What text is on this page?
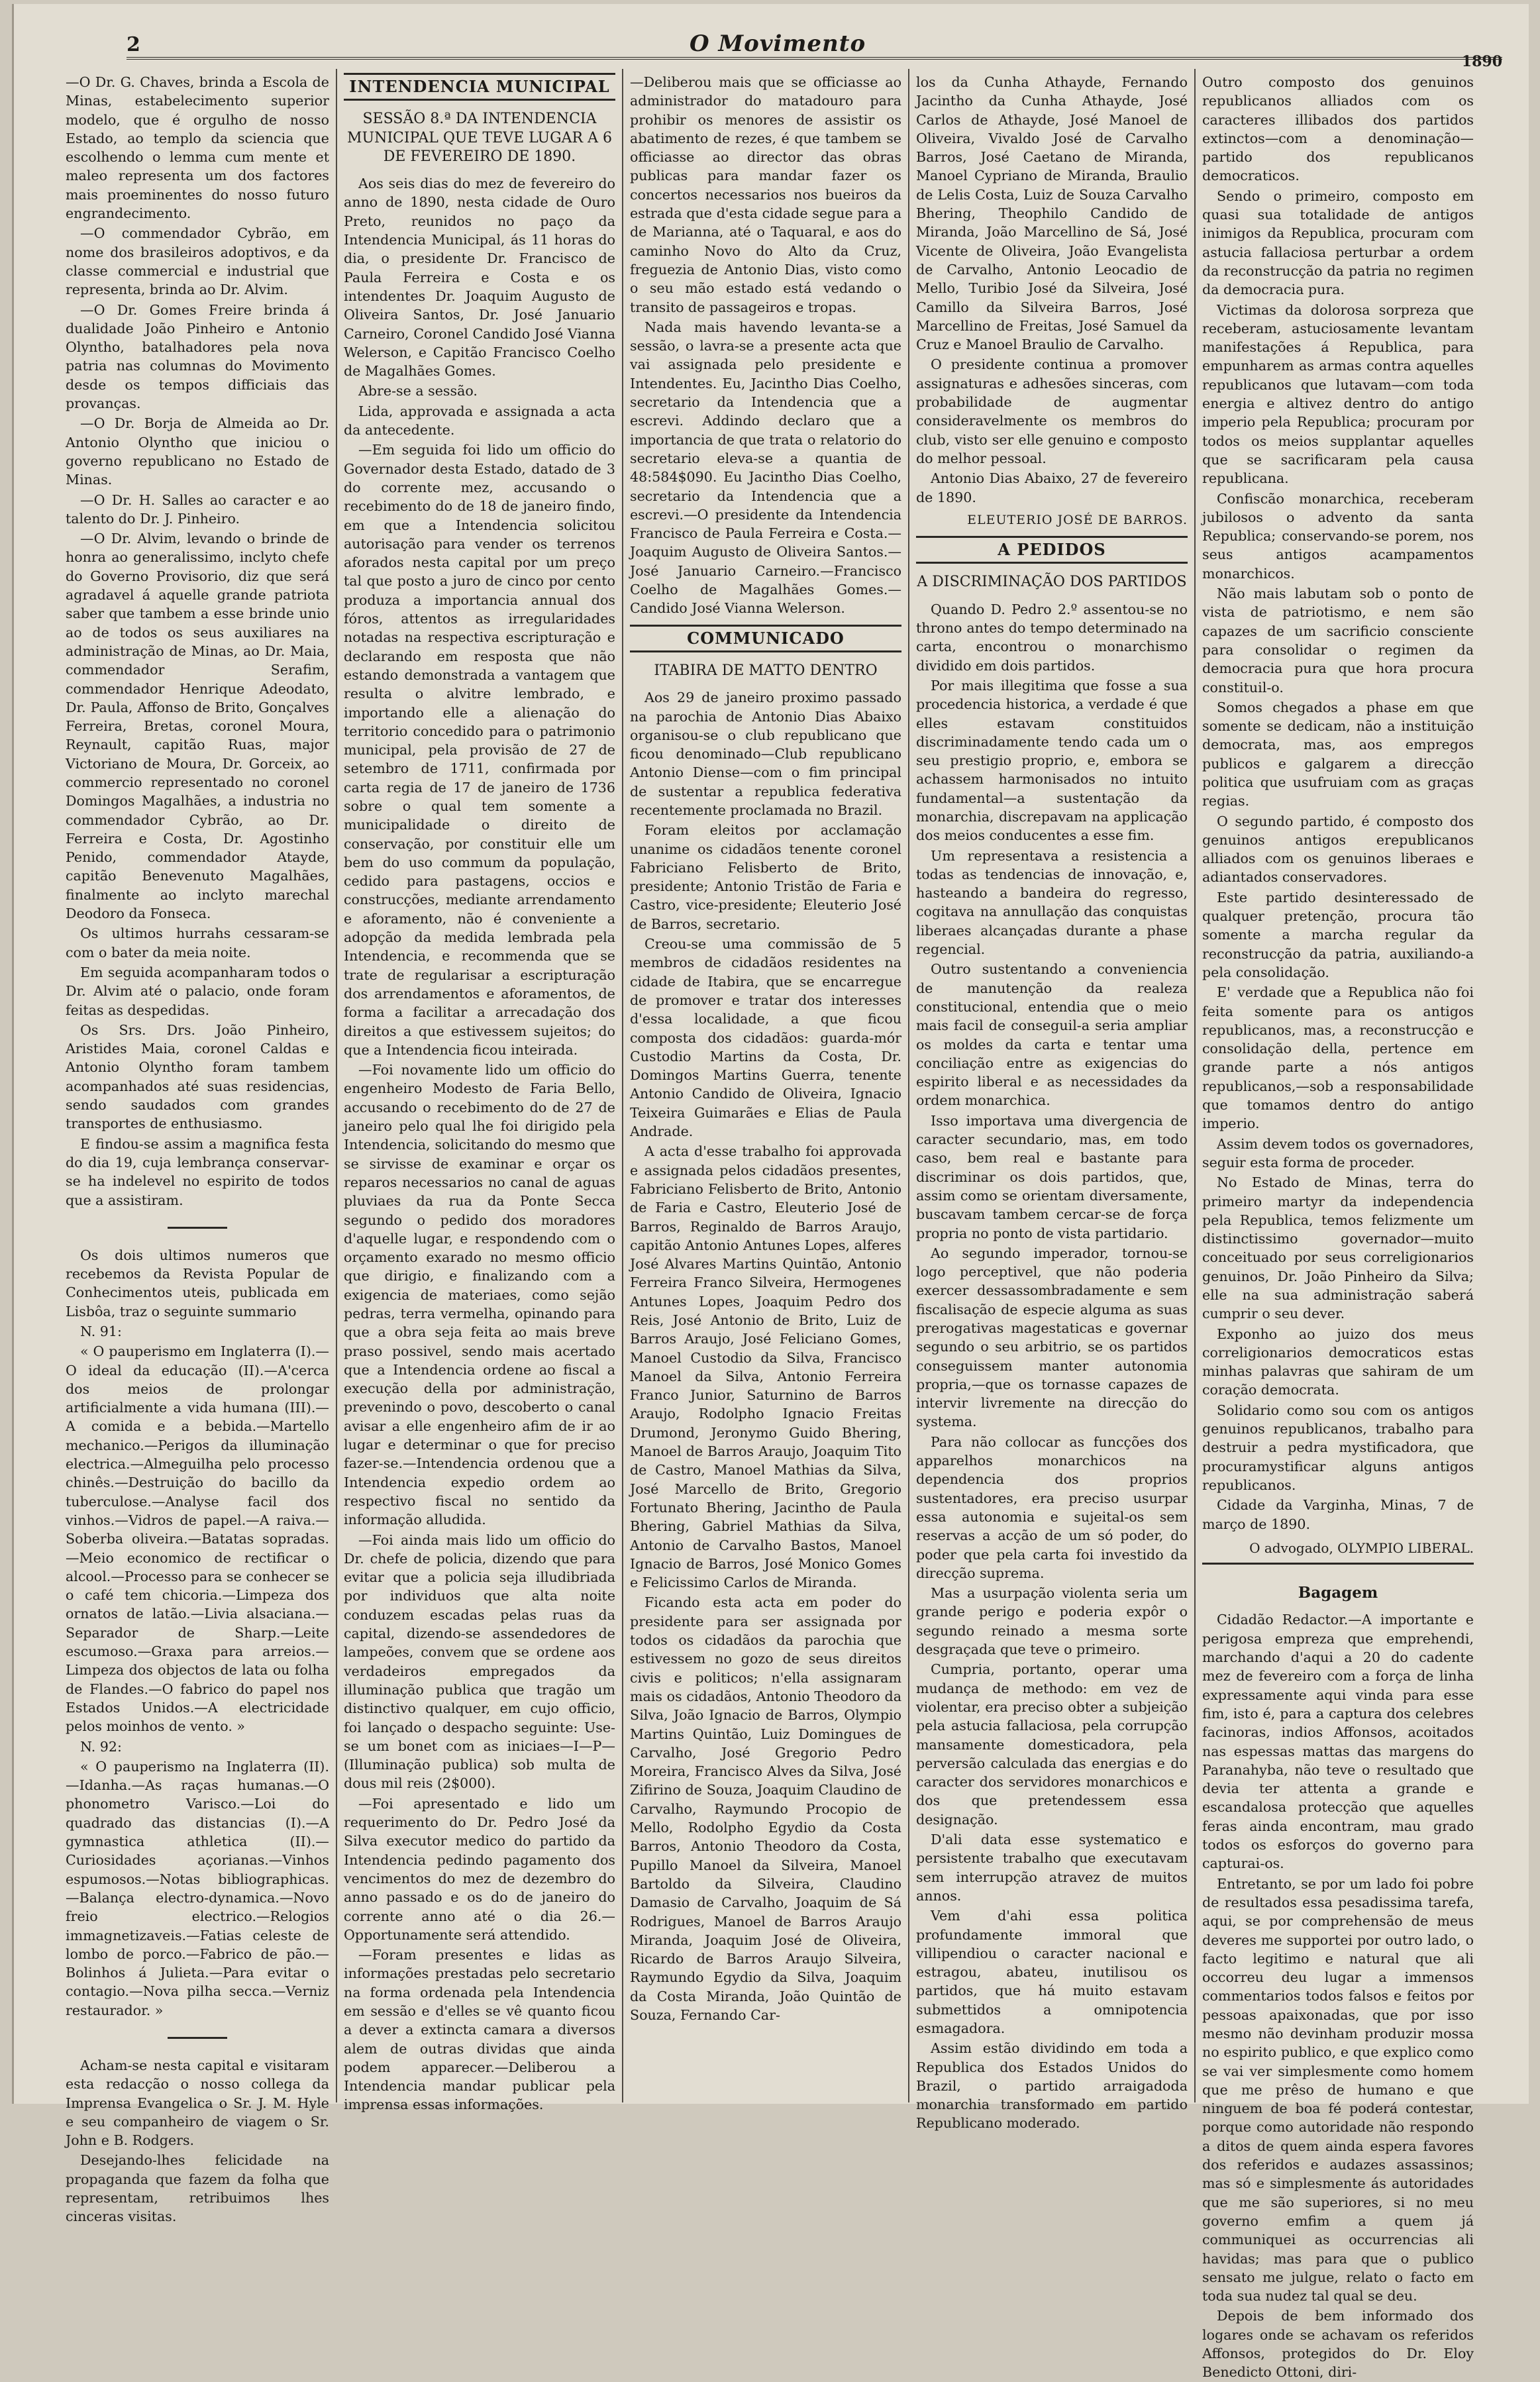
2	O Movimento
1890

—O Dr. G. Chaves, brinda a Escola de Minas, estabelecimento superior modelo, que é orgulho de nosso Estado, ao templo da sciencia que escolhendo o lemma cum mente et maleo representa um dos factores mais proeminentes do nosso futuro engrandecimento.

—O commendador Cybrão, em nome dos brasileiros adoptivos, e da classe commercial e industrial que representa, brinda ao Dr. Alvim.

—O Dr. Gomes Freire brinda á dualidade João Pinheiro e Antonio Olyntho, batalhadores pela nova patria nas columnas do Movimento desde os tempos difficiais das provanças.

—O Dr. Borja de Almeida ao Dr. Antonio Olyntho que iniciou o governo republicano no Estado de Minas.

—O Dr. H. Salles ao caracter e ao talento do Dr. J. Pinheiro.

—O Dr. Alvim, levando o brinde de honra ao generalissimo, inclyto chefe do Governo Provisorio, diz que será agradavel á aquelle grande patriota saber que tambem a esse brinde unio ao de todos os seus auxiliares na administração de Minas, ao Dr. Maia, commendador Serafim, commendador Henrique Adeodato, Dr. Paula, Affonso de Brito, Gonçalves Ferreira, Bretas, coronel Moura, Reynault, capitão Ruas, major Victoriano de Moura, Dr. Gorceix, ao commercio representado no coronel Domingos Magalhães, a industria no commendador Cybrão, ao Dr. Ferreira e Costa, Dr. Agostinho Penido, commendador Atayde, capitão Benevenuto Magalhães, finalmente ao inclyto marechal Deodoro da Fonseca.

Os ultimos hurrahs cessaram-se com o bater da meia noite.

Em seguida acompanharam todos o Dr. Alvim até o palacio, onde foram feitas as despedidas.

Os Srs. Drs. João Pinheiro, Aristides Maia, coronel Caldas e Antonio Olyntho foram tambem acompanhados até suas residencias, sendo saudados com grandes transportes de enthusiasmo.

E findou-se assim a magnifica festa do dia 19, cuja lembrança conservar-se ha indelevel no espirito de todos que a assistiram.

Os dois ultimos numeros que recebemos da Revista Popular de Conhecimentos uteis, publicada em Lisbôa, traz o seguinte summario

N. 91:

« O pauperismo em Inglaterra (I).—O ideal da educação (II).—A'cerca dos meios de prolongar artificialmente a vida humana (III).—A comida e a bebida.—Martello mechanico.—Perigos da illuminação electrica.—Almeguilha pelo processo chinês.—Destruição do bacillo da tuberculose.—Analyse facil dos vinhos.—Vidros de papel.—A raiva.—Soberba oliveira.—Batatas sopradas.—Meio economico de rectificar o alcool.—Processo para se conhecer se o café tem chicoria.—Limpeza dos ornatos de latão.—Livia alsaciana.—Separador de Sharp.—Leite escumoso.—Graxa para arreios.—Limpeza dos objectos de lata ou folha de Flandes.—O fabrico do papel nos Estados Unidos.—A electricidade pelos moinhos de vento. »

N. 92:

« O pauperismo na Inglaterra (II).—Idanha.—As raças humanas.—O phonometro Varisco.—Loi do quadrado das distancias (I).—A gymnastica athletica (II).—Curiosidades açorianas.—Vinhos espumosos.—Notas bibliographicas.—Balança electro-dynamica.—Novo freio electrico.—Relogios immagnetizaveis.—Fatias celeste de lombo de porco.—Fabrico de pão.—Bolinhos á Julieta.—Para evitar o contagio.—Nova pilha secca.—Verniz restaurador. »

Acham-se nesta capital e visitaram esta redacção o nosso collega da Imprensa Evangelica o Sr. J. M. Hyle e seu companheiro de viagem o Sr. John e B. Rodgers.

Desejando-lhes felicidade na propaganda que fazem da folha que representam, retribuimos lhes cinceras visitas.

INTENDENCIA MUNICIPAL
SESSÃO 8.ª DA INTENDENCIA MUNICIPAL QUE TEVE LUGAR A 6 DE FEVEREIRO DE 1890.

Aos seis dias do mez de fevereiro do anno de 1890, nesta cidade de Ouro Preto, reunidos no paço da Intendencia Municipal, ás 11 horas do dia, o presidente Dr. Francisco de Paula Ferreira e Costa e os intendentes Dr. Joaquim Augusto de Oliveira Santos, Dr. José Januario Carneiro, Coronel Candido José Vianna Welerson, e Capitão Francisco Coelho de Magalhães Gomes.

Abre-se a sessão.

Lida, approvada e assignada a acta da antecedente.

—Em seguida foi lido um officio do Governador desta Estado, datado de 3 do corrente mez, accusando o recebimento do de 18 de janeiro findo, em que a Intendencia solicitou autorisação para vender os terrenos aforados nesta capital por um preço tal que posto a juro de cinco por cento produza a importancia annual dos fóros, attentos as irregularidades notadas na respectiva escripturação e declarando em resposta que não estando demonstrada a vantagem que resulta o alvitre lembrado, e importando elle a alienação do territorio concedido para o patrimonio municipal, pela provisão de 27 de setembro de 1711, confirmada por carta regia de 17 de janeiro de 1736 sobre o qual tem somente a municipalidade o direito de conservação, por constituir elle um bem do uso commum da população, cedido para pastagens, occios e construcções, mediante arrendamento e aforamento, não é conveniente a adopção da medida lembrada pela Intendencia, e recommenda que se trate de regularisar a escripturação dos arrendamentos e aforamentos, de forma a facilitar a arrecadação dos direitos a que estivessem sujeitos; do que a Intendencia ficou inteirada.

—Foi novamente lido um officio do engenheiro Modesto de Faria Bello, accusando o recebimento do de 27 de janeiro pelo qual lhe foi dirigido pela Intendencia, solicitando do mesmo que se sirvisse de examinar e orçar os reparos necessarios no canal de aguas pluviaes da rua da Ponte Secca segundo o pedido dos moradores d'aquelle lugar, e respondendo com o orçamento exarado no mesmo officio que dirigio, e finalizando com a exigencia de materiaes, como sejão pedras, terra vermelha, opinando para que a obra seja feita ao mais breve praso possivel, sendo mais acertado que a Intendencia ordene ao fiscal a execução della por administração, prevenindo o povo, descoberto o canal avisar a elle engenheiro afim de ir ao lugar e determinar o que for preciso fazer-se.—Intendencia ordenou que a Intendencia expedio ordem ao respectivo fiscal no sentido da informação alludida.

—Foi ainda mais lido um officio do Dr. chefe de policia, dizendo que para evitar que a policia seja illudibriada por individuos que alta noite conduzem escadas pelas ruas da capital, dizendo-se assendedores de lampeões, convem que se ordene aos verdadeiros empregados da illuminação publica que tragão um distinctivo qualquer, em cujo officio, foi lançado o despacho seguinte: Use-se um bonet com as iniciaes—I—P—(Illuminação publica) sob multa de dous mil reis (2$000).

—Foi apresentado e lido um requerimento do Dr. Pedro José da Silva executor medico do partido da Intendencia pedindo pagamento dos vencimentos do mez de dezembro do anno passado e os do de janeiro do corrente anno até o dia 26.—Opportunamente será attendido.

—Foram presentes e lidas as informações prestadas pelo secretario na forma ordenada pela Intendencia em sessão e d'elles se vê quanto ficou a dever a extincta camara a diversos alem de outras dividas que ainda podem apparecer.—Deliberou a Intendencia mandar publicar pela imprensa essas informações.

—Deliberou mais que se officiasse ao administrador do matadouro para prohibir os menores de assistir os abatimento de rezes, é que tambem se officiasse ao director das obras publicas para mandar fazer os concertos necessarios nos bueiros da estrada que d'esta cidade segue para a de Marianna, até o Taquaral, e aos do caminho Novo do Alto da Cruz, freguezia de Antonio Dias, visto como o seu mão estado está vedando o transito de passageiros e tropas.

Nada mais havendo levanta-se a sessão, o lavra-se a presente acta que vai assignada pelo presidente e Intendentes. Eu, Jacintho Dias Coelho, secretario da Intendencia que a escrevi. Addindo declaro que a importancia de que trata o relatorio do secretario eleva-se a quantia de 48:584$090. Eu Jacintho Dias Coelho, secretario da Intendencia que a escrevi.—O presidente da Intendencia Francisco de Paula Ferreira e Costa.—Joaquim Augusto de Oliveira Santos.—José Januario Carneiro.—Francisco Coelho de Magalhães Gomes.—Candido José Vianna Welerson.

COMMUNICADO
ITABIRA DE MATTO DENTRO

Aos 29 de janeiro proximo passado na parochia de Antonio Dias Abaixo organisou-se o club republicano que ficou denominado—Club republicano Antonio Diense—com o fim principal de sustentar a republica federativa recentemente proclamada no Brazil.

Foram eleitos por acclamação unanime os cidadãos tenente coronel Fabriciano Felisberto de Brito, presidente; Antonio Tristão de Faria e Castro, vice-presidente; Eleuterio José de Barros, secretario.

Creou-se uma commissão de 5 membros de cidadãos residentes na cidade de Itabira, que se encarregue de promover e tratar dos interesses d'essa localidade, a que ficou composta dos cidadãos: guarda-mór Custodio Martins da Costa, Dr. Domingos Martins Guerra, tenente Antonio Candido de Oliveira, Ignacio Teixeira Guimarães e Elias de Paula Andrade.

A acta d'esse trabalho foi approvada e assignada pelos cidadãos presentes, Fabriciano Felisberto de Brito, Antonio de Faria e Castro, Eleuterio José de Barros, Reginaldo de Barros Araujo, capitão Antonio Antunes Lopes, alferes José Alvares Martins Quintão, Antonio Ferreira Franco Silveira, Hermogenes Antunes Lopes, Joaquim Pedro dos Reis, José Antonio de Brito, Luiz de Barros Araujo, José Feliciano Gomes, Manoel Custodio da Silva, Francisco Manoel da Silva, Antonio Ferreira Franco Junior, Saturnino de Barros Araujo, Rodolpho Ignacio Freitas Drumond, Jeronymo Guido Bhering, Manoel de Barros Araujo, Joaquim Tito de Castro, Manoel Mathias da Silva, José Marcello de Brito, Gregorio Fortunato Bhering, Jacintho de Paula Bhering, Gabriel Mathias da Silva, Antonio de Carvalho Bastos, Manoel Ignacio de Barros, José Monico Gomes e Felicissimo Carlos de Miranda.

Ficando esta acta em poder do presidente para ser assignada por todos os cidadãos da parochia que estivessem no gozo de seus direitos civis e politicos; n'ella assignaram mais os cidadãos, Antonio Theodoro da Silva, João Ignacio de Barros, Olympio Martins Quintão, Luiz Domingues de Carvalho, José Gregorio Pedro Moreira, Francisco Alves da Silva, José Zifirino de Souza, Joaquim Claudino de Carvalho, Raymundo Procopio de Mello, Rodolpho Egydio da Costa Barros, Antonio Theodoro da Costa, Pupillo Manoel da Silveira, Manoel Bartoldo da Silveira, Claudino Damasio de Carvalho, Joaquim de Sá Rodrigues, Manoel de Barros Araujo Miranda, Joaquim José de Oliveira, Ricardo de Barros Araujo Silveira, Raymundo Egydio da Silva, Joaquim da Costa Miranda, João Quintão de Souza, Fernando Car-

los da Cunha Athayde, Fernando Jacintho da Cunha Athayde, José Carlos de Athayde, José Manoel de Oliveira, Vivaldo José de Carvalho Barros, José Caetano de Miranda, Manoel Cypriano de Miranda, Braulio de Lelis Costa, Luiz de Souza Carvalho Bhering, Theophilo Candido de Miranda, João Marcellino de Sá, José Vicente de Oliveira, João Evangelista de Carvalho, Antonio Leocadio de Mello, Turibio José da Silveira, José Camillo da Silveira Barros, José Marcellino de Freitas, José Samuel da Cruz e Manoel Braulio de Carvalho.

O presidente continua a promover assignaturas e adhesões sinceras, com probabilidade de augmentar consideravelmente os membros do club, visto ser elle genuino e composto do melhor pessoal.

Antonio Dias Abaixo, 27 de fevereiro de 1890.

ELEUTERIO JOSÉ DE BARROS.
A PEDIDOS
A DISCRIMINAÇÃO DOS PARTIDOS

Quando D. Pedro 2.º assentou-se no throno antes do tempo determinado na carta, encontrou o monarchismo dividido em dois partidos.

Por mais illegitima que fosse a sua procedencia historica, a verdade é que elles estavam constituidos discriminadamente tendo cada um o seu prestigio proprio, e, embora se achassem harmonisados no intuito fundamental—a sustentação da monarchia, discrepavam na applicação dos meios conducentes a esse fim.

Um representava a resistencia a todas as tendencias de innovação, e, hasteando a bandeira do regresso, cogitava na annullação das conquistas liberaes alcançadas durante a phase regencial.

Outro sustentando a conveniencia de manutenção da realeza constitucional, entendia que o meio mais facil de conseguil-a seria ampliar os moldes da carta e tentar uma conciliação entre as exigencias do espirito liberal e as necessidades da ordem monarchica.

Isso importava uma divergencia de caracter secundario, mas, em todo caso, bem real e bastante para discriminar os dois partidos, que, assim como se orientam diversamente, buscavam tambem cercar-se de força propria no ponto de vista partidario.

Ao segundo imperador, tornou-se logo perceptivel, que não poderia exercer dessassombradamente e sem fiscalisação de especie alguma as suas prerogativas magestaticas e governar segundo o seu arbitrio, se os partidos conseguissem manter autonomia propria,—que os tornasse capazes de intervir livremente na direcção do systema.

Para não collocar as funcções dos apparelhos monarchicos na dependencia dos proprios sustentadores, era preciso usurpar essa autonomia e sujeital-os sem reservas a acção de um só poder, do poder que pela carta foi investido da direcção suprema.

Mas a usurpação violenta seria um grande perigo e poderia expôr o segundo reinado a mesma sorte desgraçada que teve o primeiro.

Cumpria, portanto, operar uma mudança de methodo: em vez de violentar, era preciso obter a subjeição pela astucia fallaciosa, pela corrupção mansamente domesticadora, pela perversão calculada das energias e do caracter dos servidores monarchicos e dos que pretendessem essa designação.

D'ali data esse systematico e persistente trabalho que executavam sem interrupção atravez de muitos annos.

Vem d'ahi essa politica profundamente immoral que villipendiou o caracter nacional e estragou, abateu, inutilisou os partidos, que há muito estavam submettidos a omnipotencia esmagadora.

Assim estão dividindo em toda a Republica dos Estados Unidos do Brazil, o partido arraigadoda monarchia transformado em partido Republicano moderado.

Outro composto dos genuinos republicanos alliados com os caracteres illibados dos partidos extinctos—com a denominação—partido dos republicanos democraticos.

Sendo o primeiro, composto em quasi sua totalidade de antigos inimigos da Republica, procuram com astucia fallaciosa perturbar a ordem da reconstrucção da patria no regimen da democracia pura.

Victimas da dolorosa sorpreza que receberam, astuciosamente levantam manifestações á Republica, para empunharem as armas contra aquelles republicanos que lutavam—com toda energia e altivez dentro do antigo imperio pela Republica; procuram por todos os meios supplantar aquelles que se sacrificaram pela causa republicana.

Confiscão monarchica, receberam jubilosos o advento da santa Republica; conservando-se porem, nos seus antigos acampamentos monarchicos.

Não mais labutam sob o ponto de vista de patriotismo, e nem são capazes de um sacrificio consciente para consolidar o regimen da democracia pura que hora procura constituil-o.

Somos chegados a phase em que somente se dedicam, não a instituição democrata, mas, aos empregos publicos e galgarem a direcção politica que usufruiam com as graças regias.

O segundo partido, é composto dos genuinos antigos erepublicanos alliados com os genuinos liberaes e adiantados conservadores.

Este partido desinteressado de qualquer pretenção, procura tão somente a marcha regular da reconstrucção da patria, auxiliando-a pela consolidação.

E' verdade que a Republica não foi feita somente para os antigos republicanos, mas, a reconstrucção e consolidação della, pertence em grande parte a nós antigos republicanos,—sob a responsabilidade que tomamos dentro do antigo imperio.

Assim devem todos os governadores, seguir esta forma de proceder.

No Estado de Minas, terra do primeiro martyr da independencia pela Republica, temos felizmente um distinctissimo governador—muito conceituado por seus correligionarios genuinos, Dr. João Pinheiro da Silva; elle na sua administração saberá cumprir o seu dever.

Exponho ao juizo dos meus correligionarios democraticos estas minhas palavras que sahiram de um coração democrata.

Solidario como sou com os antigos genuinos republicanos, trabalho para destruir a pedra mystificadora, que procuramystificar alguns antigos republicanos.

Cidade da Varginha, Minas, 7 de março de 1890.

O advogado, OLYMPIO LIBERAL.
Bagagem

Cidadão Redactor.—A importante e perigosa empreza que emprehendi, marchando d'aqui a 20 do cadente mez de fevereiro com a força de linha expressamente aqui vinda para esse fim, isto é, para a captura dos celebres facinoras, indios Affonsos, acoitados nas espessas mattas das margens do Paranahyba, não teve o resultado que devia ter attenta a grande e escandalosa protecção que aquelles feras ainda encontram, mau grado todos os esforços do governo para capturai-os.

Entretanto, se por um lado foi pobre de resultados essa pesadissima tarefa, aqui, se por comprehensão de meus deveres me supportei por outro lado, o facto legitimo e natural que ali occorreu deu lugar a immensos commentarios todos falsos e feitos por pessoas apaixonadas, que por isso mesmo não devinham produzir mossa no espirito publico, e que explico como se vai ver simplesmente como homem que me prêso de humano e que ninguem de boa fé poderá contestar, porque como autoridade não respondo a ditos de quem ainda espera favores dos referidos e audazes assassinos; mas só e simplesmente ás autoridades que me são superiores, si no meu governo emfim a quem já communiquei as occurrencias ali havidas; mas para que o publico sensato me julgue, relato o facto em toda sua nudez tal qual se deu.

Depois de bem informado dos logares onde se achavam os referidos Affonsos, protegidos do Dr. Eloy Benedicto Ottoni, diri-
